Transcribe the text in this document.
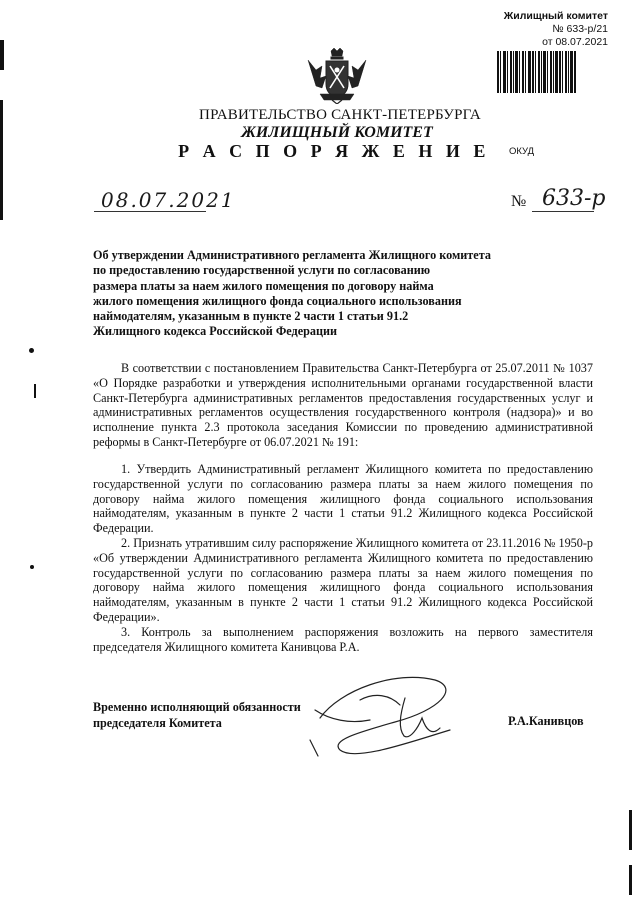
Жилищный комитет
№ 633-р/21
от 08.07.2021
ПРАВИТЕЛЬСТВО САНКТ-ПЕТЕРБУРГА
ЖИЛИЩНЫЙ КОМИТЕТ
Р А С П О Р Я Ж Е Н И Е	ОКУД
08.07.2021	№ 633-р
Об утверждении Административного регламента Жилищного комитета
по предоставлению государственной услуги по согласованию
размера платы за наем жилого помещения по договору найма
жилого помещения жилищного фонда социального использования
наймодателям, указанным в пункте 2 части 1 статьи 91.2
Жилищного кодекса Российской Федерации
В соответствии с постановлением Правительства Санкт-Петербурга от 25.07.2011 № 1037 «О Порядке разработки и утверждения исполнительными органами государственной власти Санкт-Петербурга административных регламентов предоставления государственных услуг и административных регламентов осуществления государственного контроля (надзора)» и во исполнение пункта 2.3 протокола заседания Комиссии по проведению административной реформы в Санкт-Петербурге от 06.07.2021 № 191:
1. Утвердить Административный регламент Жилищного комитета по предоставлению государственной услуги по согласованию размера платы за наем жилого помещения по договору найма жилого помещения жилищного фонда социального использования наймодателям, указанным в пункте 2 части 1 статьи 91.2 Жилищного кодекса Российской Федерации.
2. Признать утратившим силу распоряжение Жилищного комитета от 23.11.2016 № 1950-р «Об утверждении Административного регламента Жилищного комитета по предоставлению государственной услуги по согласованию размера платы за наем жилого помещения по договору найма жилого помещения жилищного фонда социального использования наймодателям, указанным в пункте 2 части 1 статьи 91.2 Жилищного кодекса Российской Федерации».
3. Контроль за выполнением распоряжения возложить на первого заместителя председателя Жилищного комитета Канивцова Р.А.
Временно исполняющий обязанности
председателя Комитета	Р.А.Канивцов
